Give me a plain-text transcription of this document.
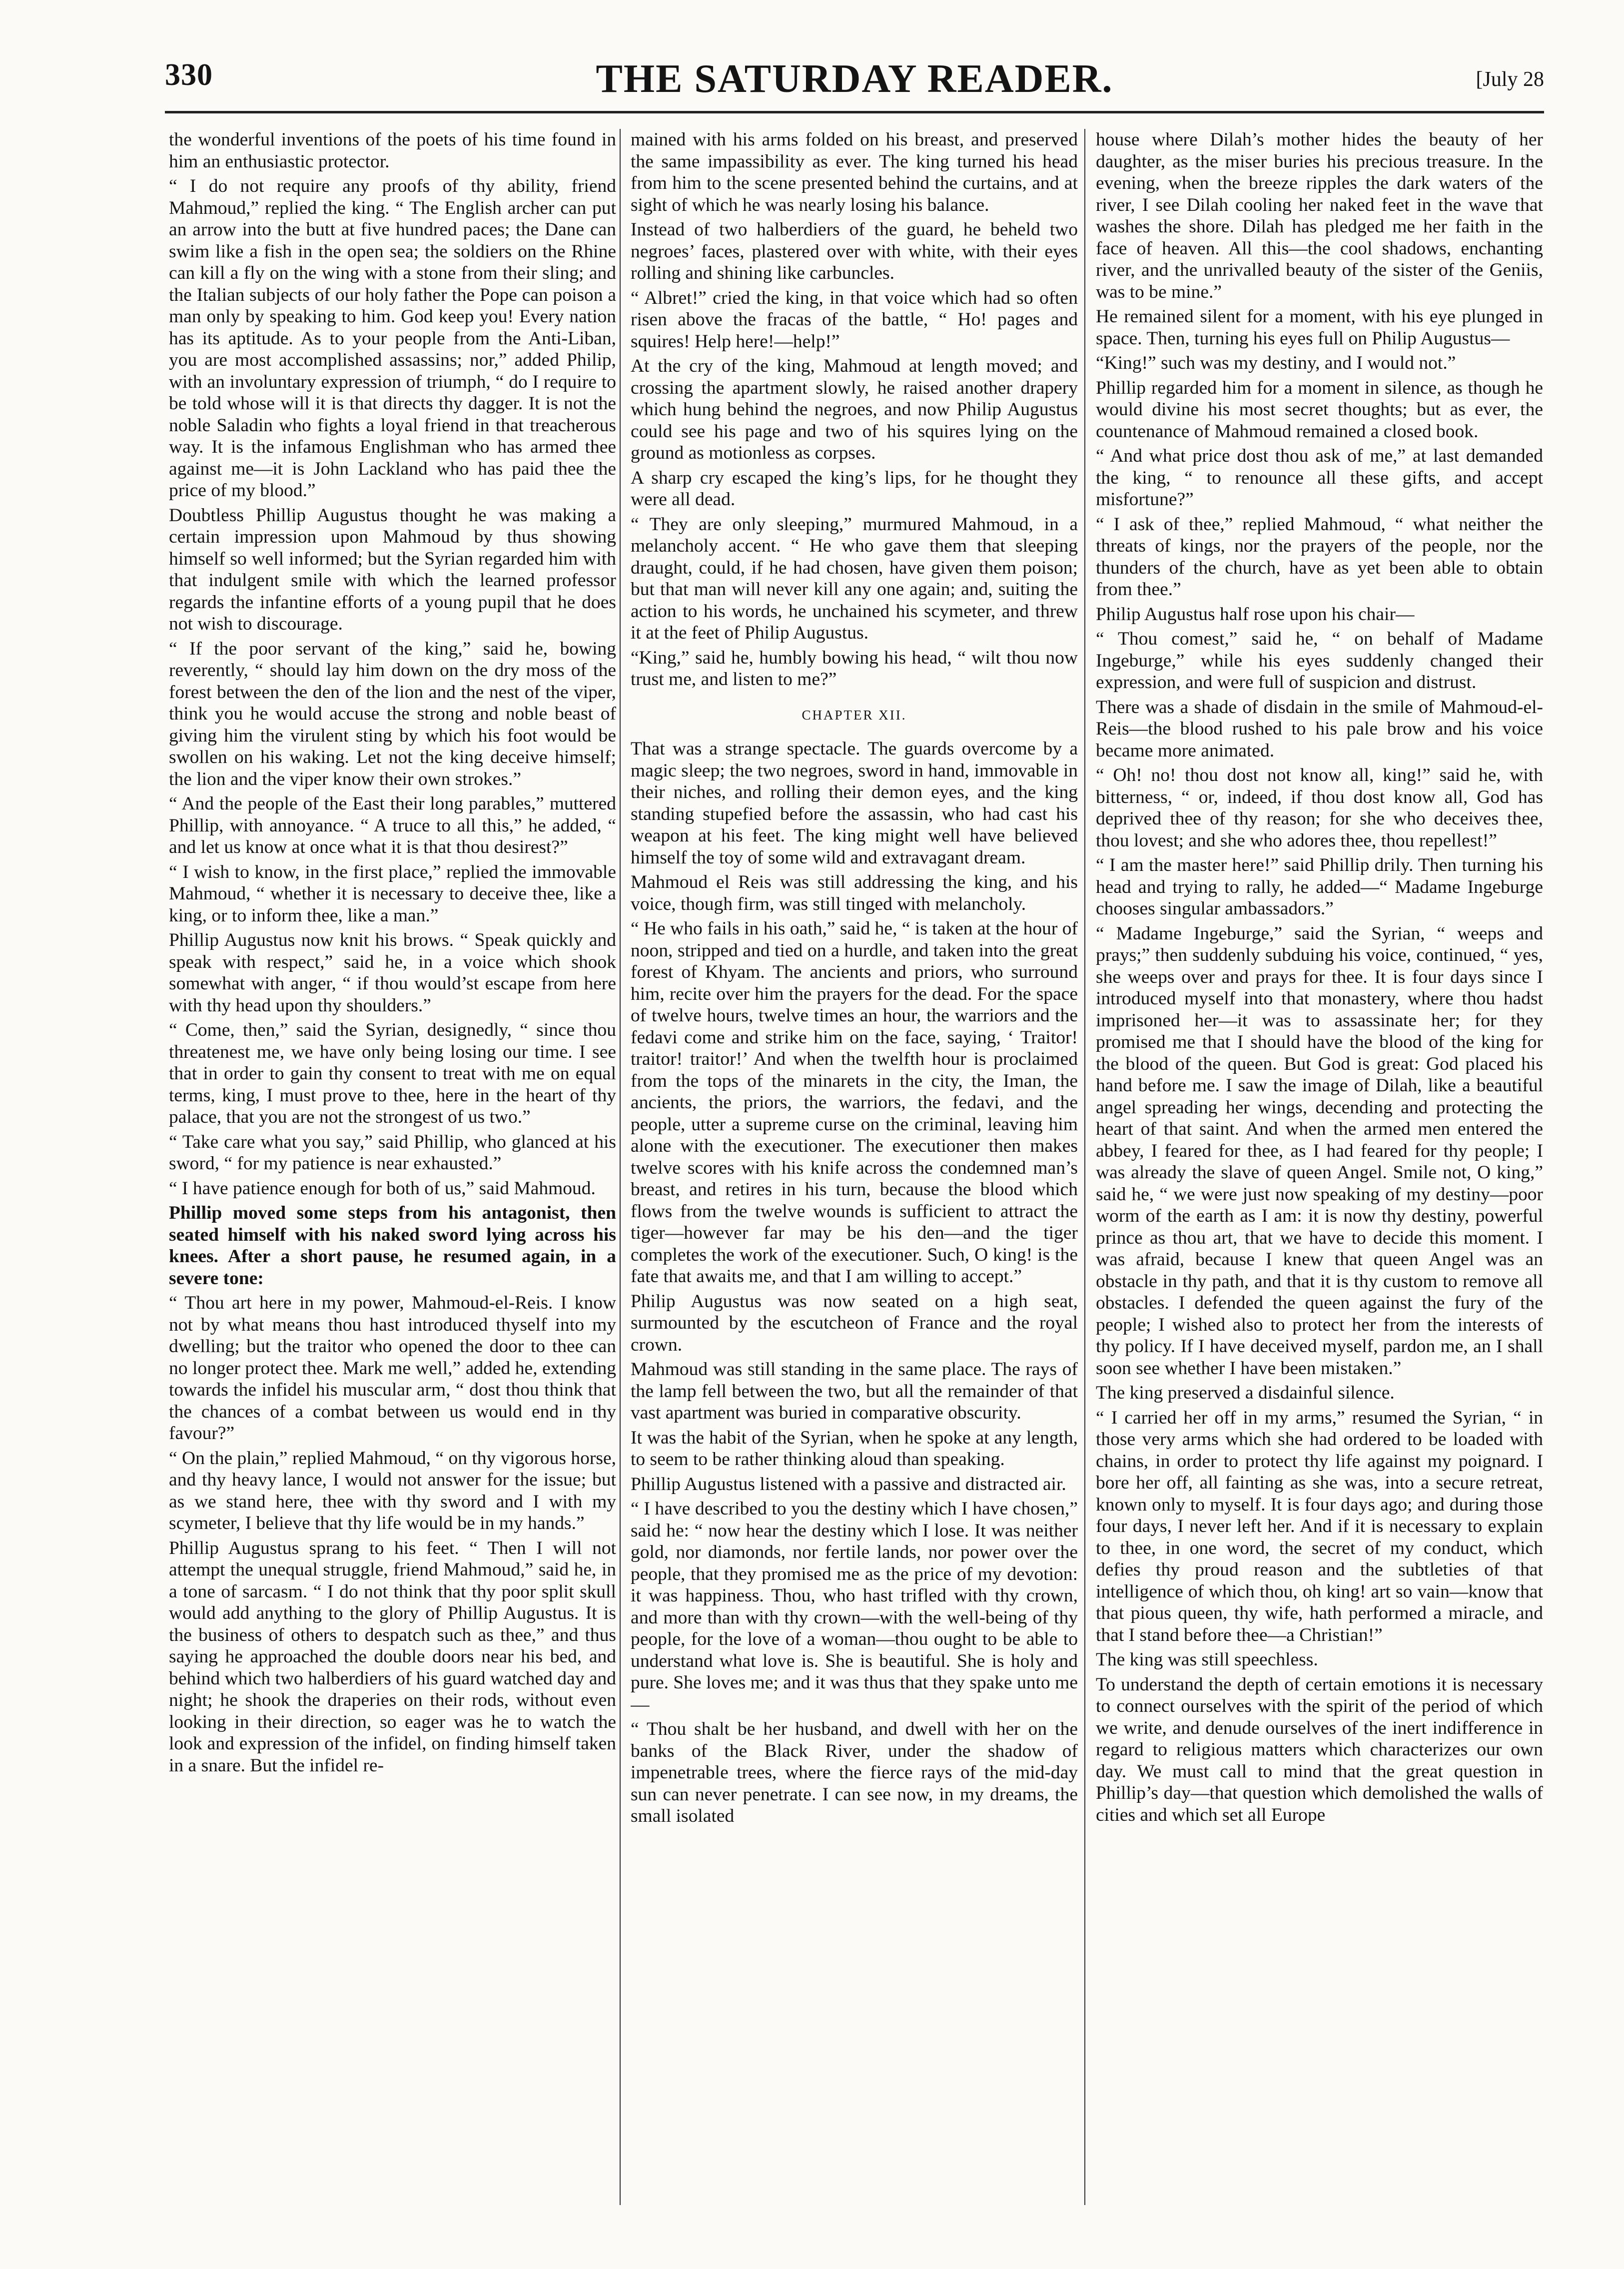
330	THE SATURDAY READER.	[July 28

the wonderful inventions of the poets of his time found in him an enthusiastic protector.

“ I do not require any proofs of thy ability, friend Mahmoud,” replied the king. “ The English archer can put an arrow into the butt at five hundred paces; the Dane can swim like a fish in the open sea; the soldiers on the Rhine can kill a fly on the wing with a stone from their sling; and the Italian subjects of our holy father the Pope can poison a man only by speaking to him. God keep you! Every nation has its aptitude. As to your people from the Anti-Liban, you are most accomplished assassins; nor,” added Philip, with an involuntary expression of triumph, “ do I require to be told whose will it is that directs thy dagger. It is not the noble Saladin who fights a loyal friend in that treacherous way. It is the infamous Englishman who has armed thee against me—it is John Lackland who has paid thee the price of my blood.”

Doubtless Phillip Augustus thought he was making a certain impression upon Mahmoud by thus showing himself so well informed; but the Syrian regarded him with that indulgent smile with which the learned professor regards the infantine efforts of a young pupil that he does not wish to discourage.

“ If the poor servant of the king,” said he, bowing reverently, “ should lay him down on the dry moss of the forest between the den of the lion and the nest of the viper, think you he would accuse the strong and noble beast of giving him the virulent sting by which his foot would be swollen on his waking. Let not the king deceive himself; the lion and the viper know their own strokes.”

“ And the people of the East their long parables,” muttered Phillip, with annoyance. “ A truce to all this,” he added, “ and let us know at once what it is that thou desirest?”

“ I wish to know, in the first place,” replied the immovable Mahmoud, “ whether it is necessary to deceive thee, like a king, or to inform thee, like a man.”

Phillip Augustus now knit his brows. “ Speak quickly and speak with respect,” said he, in a voice which shook somewhat with anger, “ if thou would’st escape from here with thy head upon thy shoulders.”

“ Come, then,” said the Syrian, designedly, “ since thou threatenest me, we have only being losing our time. I see that in order to gain thy consent to treat with me on equal terms, king, I must prove to thee, here in the heart of thy palace, that you are not the strongest of us two.”

“ Take care what you say,” said Phillip, who glanced at his sword, “ for my patience is near exhausted.”

“ I have patience enough for both of us,” said Mahmoud.

Phillip moved some steps from his antagonist, then seated himself with his naked sword lying across his knees. After a short pause, he resumed again, in a severe tone:

“ Thou art here in my power, Mahmoud-el-Reis. I know not by what means thou hast introduced thyself into my dwelling; but the traitor who opened the door to thee can no longer protect thee. Mark me well,” added he, extending towards the infidel his muscular arm, “ dost thou think that the chances of a combat between us would end in thy favour?”

“ On the plain,” replied Mahmoud, “ on thy vigorous horse, and thy heavy lance, I would not answer for the issue; but as we stand here, thee with thy sword and I with my scymeter, I believe that thy life would be in my hands.”

Phillip Augustus sprang to his feet. “ Then I will not attempt the unequal struggle, friend Mahmoud,” said he, in a tone of sarcasm. “ I do not think that thy poor split skull would add anything to the glory of Phillip Augustus. It is the business of others to despatch such as thee,” and thus saying he approached the double doors near his bed, and behind which two halberdiers of his guard watched day and night; he shook the draperies on their rods, without even looking in their direction, so eager was he to watch the look and expression of the infidel, on finding himself taken in a snare. But the infidel re-

mained with his arms folded on his breast, and preserved the same impassibility as ever. The king turned his head from him to the scene presented behind the curtains, and at sight of which he was nearly losing his balance.

Instead of two halberdiers of the guard, he beheld two negroes’ faces, plastered over with white, with their eyes rolling and shining like carbuncles.

“ Albret!” cried the king, in that voice which had so often risen above the fracas of the battle, “ Ho! pages and squires! Help here!—help!”

At the cry of the king, Mahmoud at length moved; and crossing the apartment slowly, he raised another drapery which hung behind the negroes, and now Philip Augustus could see his page and two of his squires lying on the ground as motionless as corpses.

A sharp cry escaped the king’s lips, for he thought they were all dead.

“ They are only sleeping,” murmured Mahmoud, in a melancholy accent. “ He who gave them that sleeping draught, could, if he had chosen, have given them poison; but that man will never kill any one again; and, suiting the action to his words, he unchained his scymeter, and threw it at the feet of Philip Augustus.

“King,” said he, humbly bowing his head, “ wilt thou now trust me, and listen to me?”

CHAPTER XII.

That was a strange spectacle. The guards overcome by a magic sleep; the two negroes, sword in hand, immovable in their niches, and rolling their demon eyes, and the king standing stupefied before the assassin, who had cast his weapon at his feet. The king might well have believed himself the toy of some wild and extravagant dream.

Mahmoud el Reis was still addressing the king, and his voice, though firm, was still tinged with melancholy.

“ He who fails in his oath,” said he, “ is taken at the hour of noon, stripped and tied on a hurdle, and taken into the great forest of Khyam. The ancients and priors, who surround him, recite over him the prayers for the dead. For the space of twelve hours, twelve times an hour, the warriors and the fedavi come and strike him on the face, saying, ‘ Traitor! traitor! traitor!’ And when the twelfth hour is proclaimed from the tops of the minarets in the city, the Iman, the ancients, the priors, the warriors, the fedavi, and the people, utter a supreme curse on the criminal, leaving him alone with the executioner. The executioner then makes twelve scores with his knife across the condemned man’s breast, and retires in his turn, because the blood which flows from the twelve wounds is sufficient to attract the tiger—however far may be his den—and the tiger completes the work of the executioner. Such, O king! is the fate that awaits me, and that I am willing to accept.”

Philip Augustus was now seated on a high seat, surmounted by the escutcheon of France and the royal crown.

Mahmoud was still standing in the same place. The rays of the lamp fell between the two, but all the remainder of that vast apartment was buried in comparative obscurity.

It was the habit of the Syrian, when he spoke at any length, to seem to be rather thinking aloud than speaking.

Phillip Augustus listened with a passive and distracted air.

“ I have described to you the destiny which I have chosen,” said he: “ now hear the destiny which I lose. It was neither gold, nor diamonds, nor fertile lands, nor power over the people, that they promised me as the price of my devotion: it was happiness. Thou, who hast trifled with thy crown, and more than with thy crown—with the well-being of thy people, for the love of a woman—thou ought to be able to understand what love is. She is beautiful. She is holy and pure. She loves me; and it was thus that they spake unto me—

“ Thou shalt be her husband, and dwell with her on the banks of the Black River, under the shadow of impenetrable trees, where the fierce rays of the mid-day sun can never penetrate. I can see now, in my dreams, the small isolated

house where Dilah’s mother hides the beauty of her daughter, as the miser buries his precious treasure. In the evening, when the breeze ripples the dark waters of the river, I see Dilah cooling her naked feet in the wave that washes the shore. Dilah has pledged me her faith in the face of heaven. All this—the cool shadows, enchanting river, and the unrivalled beauty of the sister of the Geniis, was to be mine.”

He remained silent for a moment, with his eye plunged in space. Then, turning his eyes full on Philip Augustus—

“King!” such was my destiny, and I would not.”

Phillip regarded him for a moment in silence, as though he would divine his most secret thoughts; but as ever, the countenance of Mahmoud remained a closed book.

“ And what price dost thou ask of me,” at last demanded the king, “ to renounce all these gifts, and accept misfortune?”

“ I ask of thee,” replied Mahmoud, “ what neither the threats of kings, nor the prayers of the people, nor the thunders of the church, have as yet been able to obtain from thee.”

Philip Augustus half rose upon his chair—

“ Thou comest,” said he, “ on behalf of Madame Ingeburge,” while his eyes suddenly changed their expression, and were full of suspicion and distrust.

There was a shade of disdain in the smile of Mahmoud-el-Reis—the blood rushed to his pale brow and his voice became more animated.

“ Oh! no! thou dost not know all, king!” said he, with bitterness, “ or, indeed, if thou dost know all, God has deprived thee of thy reason; for she who deceives thee, thou lovest; and she who adores thee, thou repellest!”

“ I am the master here!” said Phillip drily. Then turning his head and trying to rally, he added—“ Madame Ingeburge chooses singular ambassadors.”

“ Madame Ingeburge,” said the Syrian, “ weeps and prays;” then suddenly subduing his voice, continued, “ yes, she weeps over and prays for thee. It is four days since I introduced myself into that monastery, where thou hadst imprisoned her—it was to assassinate her; for they promised me that I should have the blood of the king for the blood of the queen. But God is great: God placed his hand before me. I saw the image of Dilah, like a beautiful angel spreading her wings, decending and protecting the heart of that saint. And when the armed men entered the abbey, I feared for thee, as I had feared for thy people; I was already the slave of queen Angel. Smile not, O king,” said he, “ we were just now speaking of my destiny—poor worm of the earth as I am: it is now thy destiny, powerful prince as thou art, that we have to decide this moment. I was afraid, because I knew that queen Angel was an obstacle in thy path, and that it is thy custom to remove all obstacles. I defended the queen against the fury of the people; I wished also to protect her from the interests of thy policy. If I have deceived myself, pardon me, an I shall soon see whether I have been mistaken.”

The king preserved a disdainful silence.

“ I carried her off in my arms,” resumed the Syrian, “ in those very arms which she had ordered to be loaded with chains, in order to protect thy life against my poignard. I bore her off, all fainting as she was, into a secure retreat, known only to myself. It is four days ago; and during those four days, I never left her. And if it is necessary to explain to thee, in one word, the secret of my conduct, which defies thy proud reason and the subtleties of that intelligence of which thou, oh king! art so vain—know that that pious queen, thy wife, hath performed a miracle, and that I stand before thee—a Christian!”

The king was still speechless.

To understand the depth of certain emotions it is necessary to connect ourselves with the spirit of the period of which we write, and denude ourselves of the inert indifference in regard to religious matters which characterizes our own day. We must call to mind that the great question in Phillip’s day—that question which demolished the walls of cities and which set all Europe
